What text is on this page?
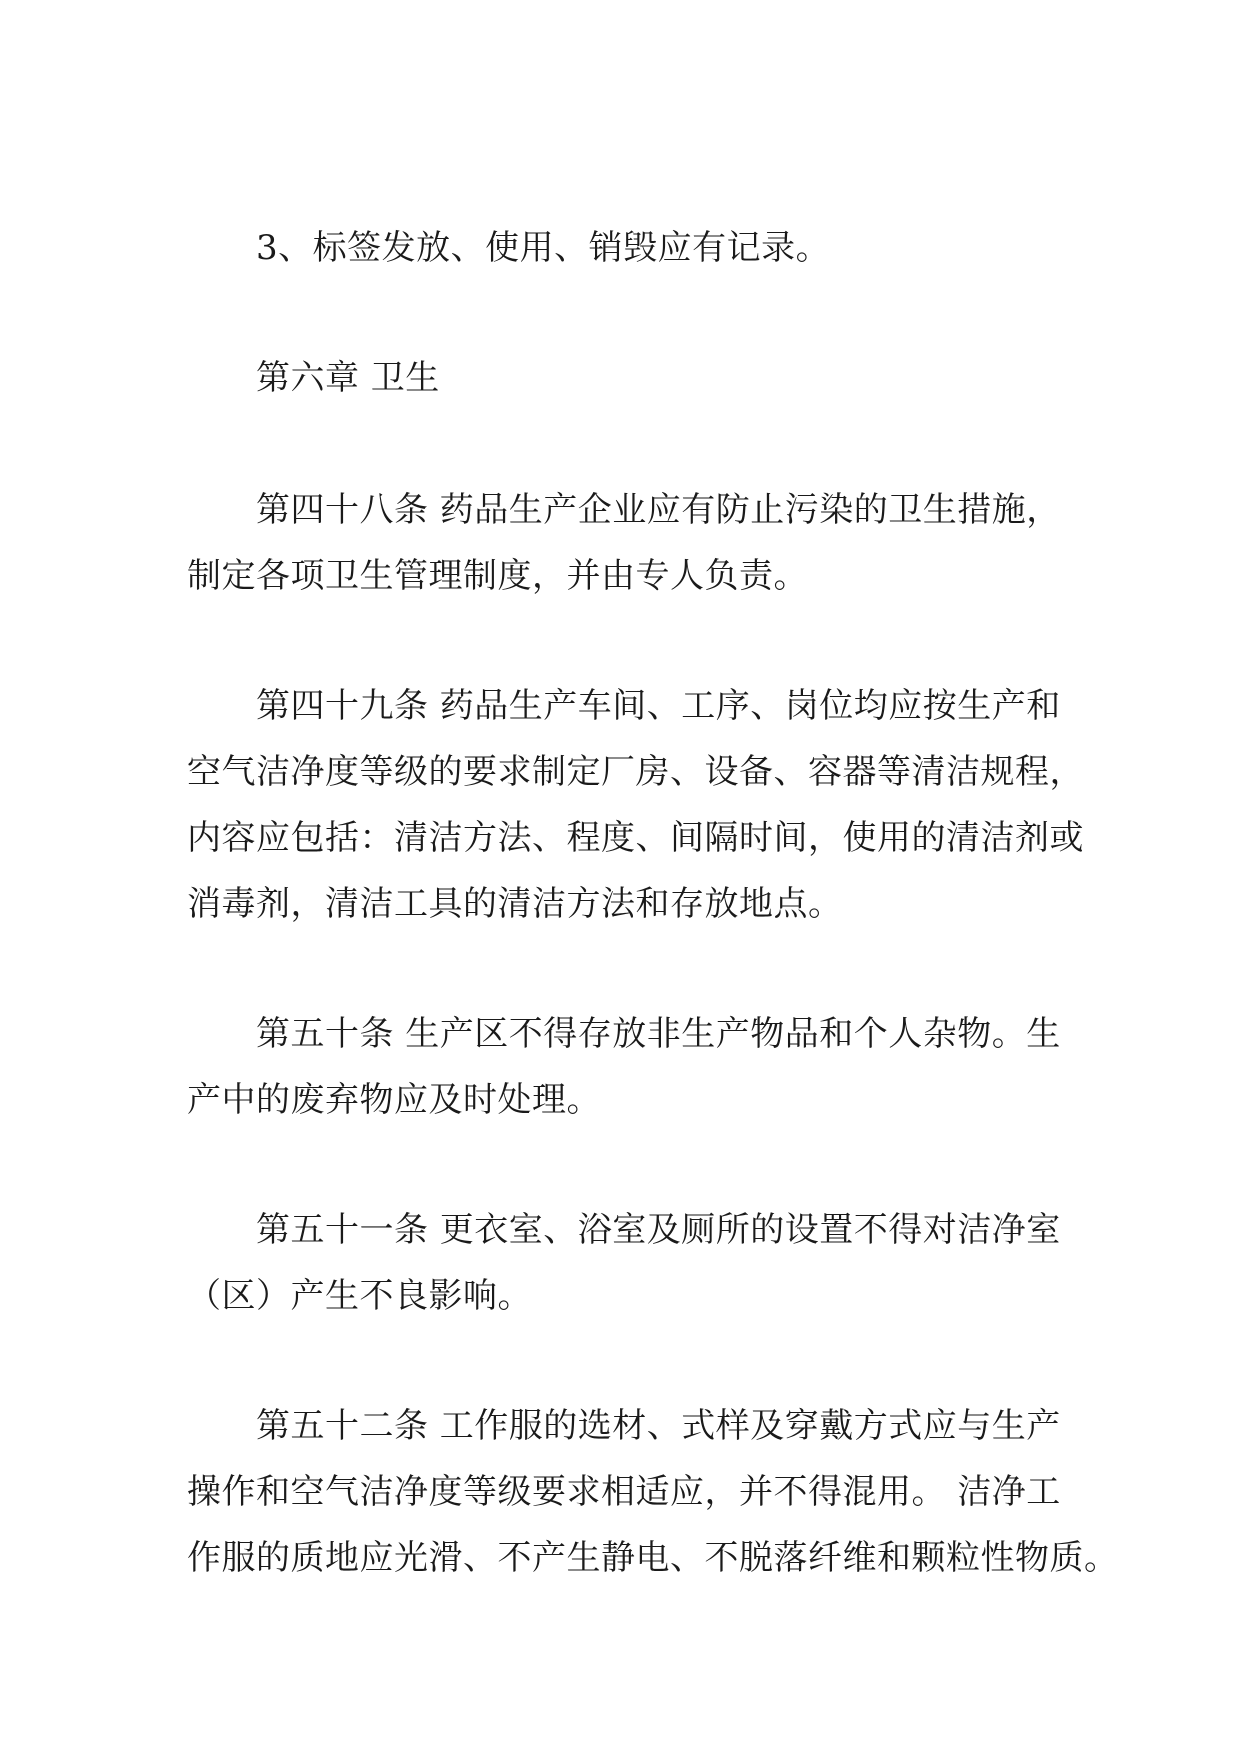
3、标签发放、使用、销毁应有记录。

第六章 卫生

第四十八条 药品生产企业应有防止污染的卫生措施，

制定各项卫生管理制度，并由专人负责。

第四十九条 药品生产车间、工序、岗位均应按生产和

空气洁净度等级的要求制定厂房、设备、容器等清洁规程，

内容应包括：清洁方法、程度、间隔时间，使用的清洁剂或

消毒剂，清洁工具的清洁方法和存放地点。

第五十条 生产区不得存放非生产物品和个人杂物。生

产中的废弃物应及时处理。

第五十一条 更衣室、浴室及厕所的设置不得对洁净室

（区）产生不良影响。

第五十二条 工作服的选材、式样及穿戴方式应与生产

操作和空气洁净度等级要求相适应，并不得混用。 洁净工

作服的质地应光滑、不产生静电、不脱落纤维和颗粒性物质。
